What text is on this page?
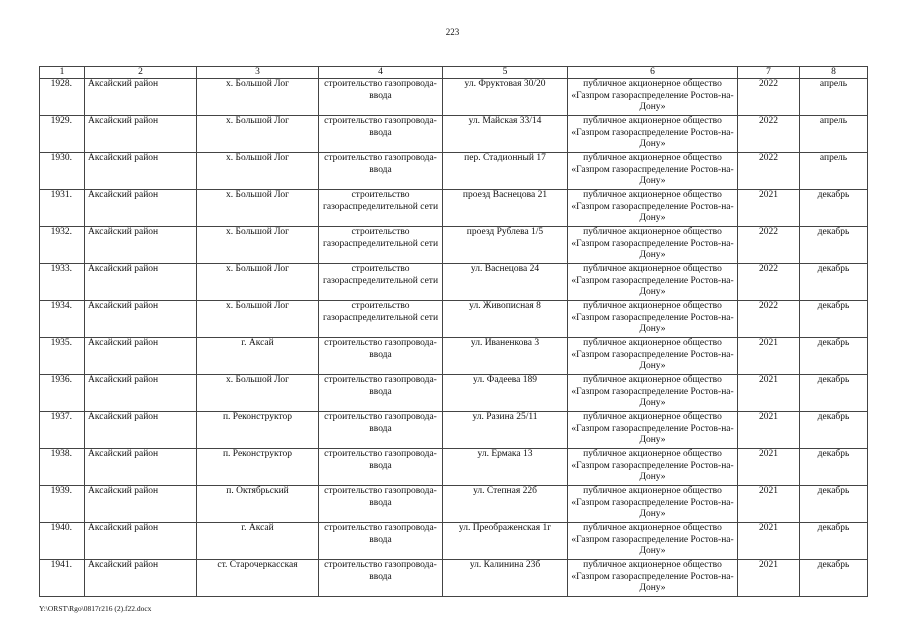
223
1	2	3	4	5	6	7	8
1928.	Аксайский район	х. Большой Лог	строительство газопровода-ввода	ул. Фруктовая 30/20	публичное акционерное общество «Газпром газораспределение Ростов-на-Дону»	2022	апрель
1929.	Аксайский район	х. Большой Лог	строительство газопровода-ввода	ул. Майская 33/14	публичное акционерное общество «Газпром газораспределение Ростов-на-Дону»	2022	апрель
1930.	Аксайский район	х. Большой Лог	строительство газопровода-ввода	пер. Стадионный 17	публичное акционерное общество «Газпром газораспределение Ростов-на-Дону»	2022	апрель
1931.	Аксайский район	х. Большой Лог	строительство газораспределительной сети	проезд Васнецова 21	публичное акционерное общество «Газпром газораспределение Ростов-на-Дону»	2021	декабрь
1932.	Аксайский район	х. Большой Лог	строительство газораспределительной сети	проезд Рублева 1/5	публичное акционерное общество «Газпром газораспределение Ростов-на-Дону»	2022	декабрь
1933.	Аксайский район	х. Большой Лог	строительство газораспределительной сети	ул. Васнецова 24	публичное акционерное общество «Газпром газораспределение Ростов-на-Дону»	2022	декабрь
1934.	Аксайский район	х. Большой Лог	строительство газораспределительной сети	ул. Живописная 8	публичное акционерное общество «Газпром газораспределение Ростов-на-Дону»	2022	декабрь
1935.	Аксайский район	г. Аксай	строительство газопровода-ввода	ул. Иваненкова 3	публичное акционерное общество «Газпром газораспределение Ростов-на-Дону»	2021	декабрь
1936.	Аксайский район	х. Большой Лог	строительство газопровода-ввода	ул. Фадеева 189	публичное акционерное общество «Газпром газораспределение Ростов-на-Дону»	2021	декабрь
1937.	Аксайский район	п. Реконструктор	строительство газопровода-ввода	ул. Разина 25/11	публичное акционерное общество «Газпром газораспределение Ростов-на-Дону»	2021	декабрь
1938.	Аксайский район	п. Реконструктор	строительство газопровода-ввода	ул. Ермака 13	публичное акционерное общество «Газпром газораспределение Ростов-на-Дону»	2021	декабрь
1939.	Аксайский район	п. Октябрьский	строительство газопровода-ввода	ул. Степная 22б	публичное акционерное общество «Газпром газораспределение Ростов-на-Дону»	2021	декабрь
1940.	Аксайский район	г. Аксай	строительство газопровода-ввода	ул. Преображенская 1г	публичное акционерное общество «Газпром газораспределение Ростов-на-Дону»	2021	декабрь
1941.	Аксайский район	ст. Старочеркасская	строительство газопровода-ввода	ул. Калинина 23б	публичное акционерное общество «Газпром газораспределение Ростов-на-Дону»	2021	декабрь
Y:\ORST\Rgo\0817r216 (2).f22.docx
